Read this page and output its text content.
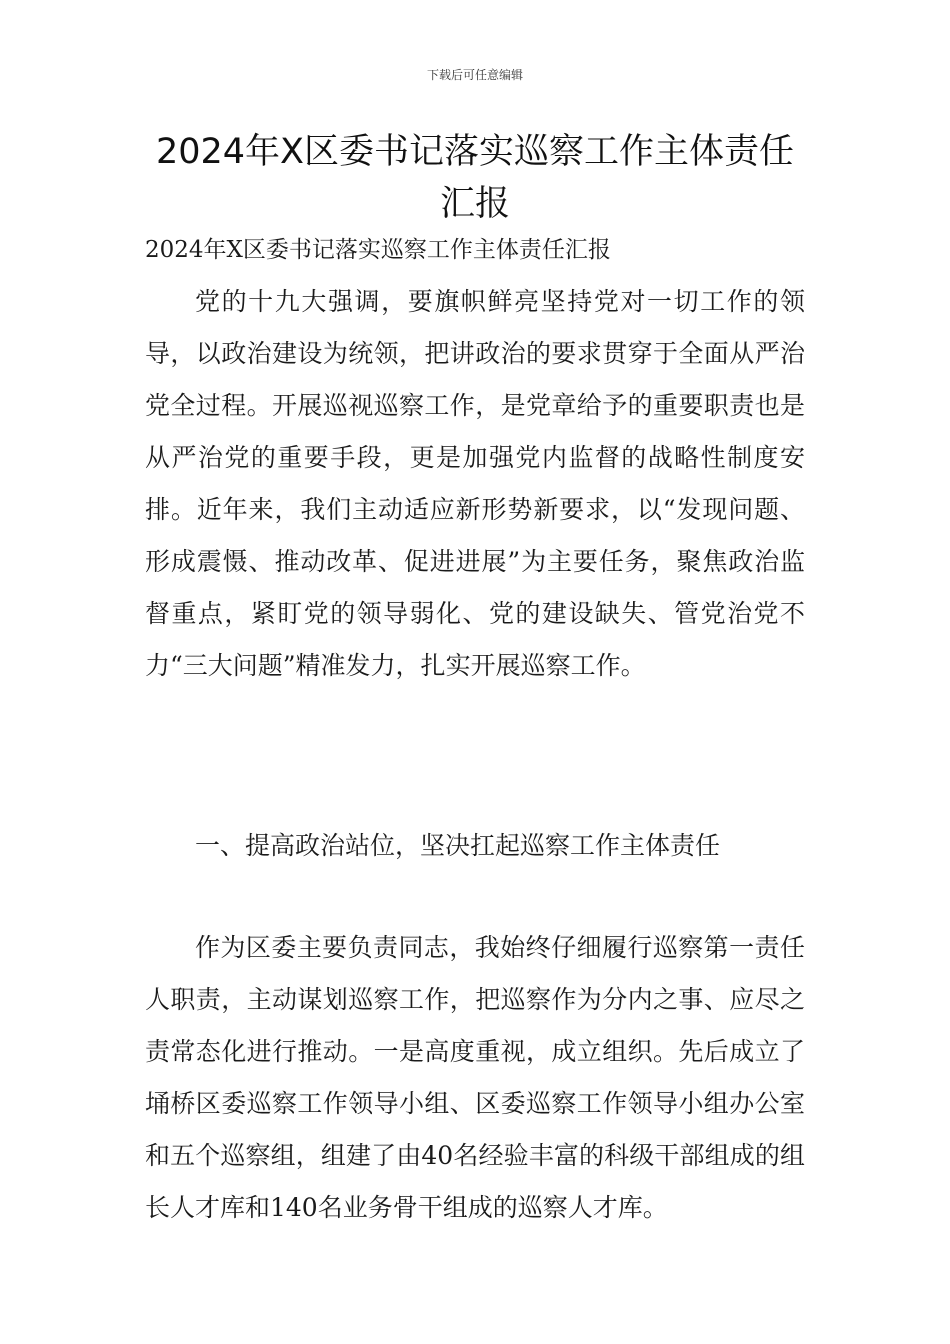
下载后可任意编辑
2024年X区委书记落实巡察工作主体责任汇报
2024年X区委书记落实巡察工作主体责任汇报

党的十九大强调，要旗帜鲜亮坚持党对一切工作的领导，以政治建设为统领，把讲政治的要求贯穿于全面从严治党全过程。开展巡视巡察工作，是党章给予的重要职责也是从严治党的重要手段，更是加强党内监督的战略性制度安排。近年来，我们主动适应新形势新要求，以“发现问题、形成震慑、推动改革、促进进展”为主要任务，聚焦政治监督重点，紧盯党的领导弱化、党的建设缺失、管党治党不力“三大问题”精准发力，扎实开展巡察工作。

一、提高政治站位，坚决扛起巡察工作主体责任

作为区委主要负责同志，我始终仔细履行巡察第一责任人职责，主动谋划巡察工作，把巡察作为分内之事、应尽之责常态化进行推动。一是高度重视，成立组织。先后成立了埇桥区委巡察工作领导小组、区委巡察工作领导小组办公室和五个巡察组，组建了由40名经验丰富的科级干部组成的组长人才库和140名业务骨干组成的巡察人才库。
